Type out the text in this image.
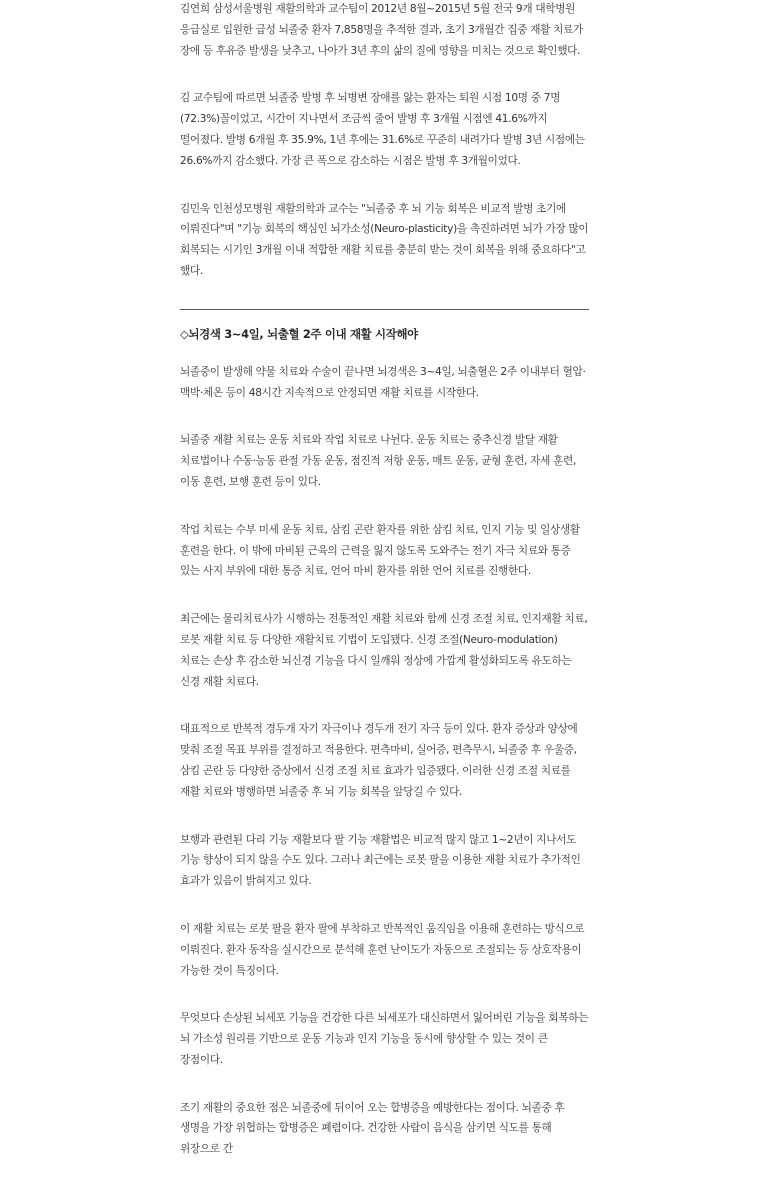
김연희 삼성서울병원 재활의학과 교수팀이 2012년 8월~2015년 5월 전국 9개 대학병원 응급실로 입원한 급성 뇌졸중 환자 7,858명을 추적한 결과, 초기 3개월간 집중 재활 치료가 장애 등 후유증 발생을 낮추고, 나아가 3년 후의 삶의 질에 영향을 미치는 것으로 확인했다.

김 교수팀에 따르면 뇌졸중 발병 후 뇌병변 장애를 앓는 환자는 퇴원 시점 10명 중 7명(72.3%)꼴이었고, 시간이 지나면서 조금씩 줄어 발병 후 3개월 시점엔 41.6%까지 떨어졌다. 발병 6개월 후 35.9%, 1년 후에는 31.6%로 꾸준히 내려가다 발병 3년 시점에는 26.6%까지 감소했다. 가장 큰 폭으로 감소하는 시점은 발병 후 3개월이었다.

김민욱 인천성모병원 재활의학과 교수는 "뇌졸중 후 뇌 기능 회복은 비교적 발병 초기에 이뤄진다"며 "기능 회복의 핵심인 뇌가소성(Neuro-plasticity)을 촉진하려면 뇌가 가장 많이 회복되는 시기인 3개월 이내 적합한 재활 치료를 충분히 받는 것이 회복을 위해 중요하다"고 했다.

◇뇌경색 3~4일, 뇌출혈 2주 이내 재활 시작해야

뇌졸중이 발생해 약물 치료와 수술이 끝나면 뇌경색은 3~4일, 뇌출혈은 2주 이내부터 혈압·맥박·체온 등이 48시간 지속적으로 안정되면 재활 치료를 시작한다.

뇌졸중 재활 치료는 운동 치료와 작업 치료로 나뉜다. 운동 치료는 중추신경 발달 재활 치료법이나 수동·능동 관절 가동 운동, 점진적 저항 운동, 매트 운동, 균형 훈련, 자세 훈련, 이동 훈련, 보행 훈련 등이 있다.

작업 치료는 수부 미세 운동 치료, 삼킴 곤란 환자를 위한 삼킴 치료, 인지 기능 및 일상생활 훈련을 한다. 이 밖에 마비된 근육의 근력을 잃지 않도록 도와주는 전기 자극 치료와 통증 있는 사지 부위에 대한 통증 치료, 언어 마비 환자를 위한 언어 치료를 진행한다.

최근에는 물리치료사가 시행하는 전통적인 재활 치료와 함께 신경 조절 치료, 인지재활 치료, 로봇 재활 치료 등 다양한 재활치료 기법이 도입됐다. 신경 조절(Neuro-modulation) 치료는 손상 후 감소한 뇌신경 기능을 다시 일깨워 정상에 가깝게 활성화되도록 유도하는 신경 재활 치료다.

대표적으로 반복적 경두개 자기 자극이나 경두개 전기 자극 등이 있다. 환자 증상과 양상에 맞춰 조절 목표 부위를 결정하고 적용한다. 편측마비, 실어증, 편측무시, 뇌졸중 후 우울증, 삼킴 곤란 등 다양한 증상에서 신경 조절 치료 효과가 입증됐다. 이러한 신경 조절 치료를 재활 치료와 병행하면 뇌졸중 후 뇌 기능 회복을 앞당길 수 있다.

보행과 관련된 다리 기능 재활보다 팔 기능 재활법은 비교적 많지 않고 1~2년이 지나서도 기능 향상이 되지 않을 수도 있다. 그러나 최근에는 로봇 팔을 이용한 재활 치료가 추가적인 효과가 있음이 밝혀지고 있다.

이 재활 치료는 로봇 팔을 환자 팔에 부착하고 반복적인 움직임을 이용해 훈련하는 방식으로 이뤄진다. 환자 동작을 실시간으로 분석해 훈련 난이도가 자동으로 조절되는 등 상호작용이 가능한 것이 특징이다.

무엇보다 손상된 뇌세포 기능을 건강한 다른 뇌세포가 대신하면서 잃어버린 기능을 회복하는 뇌 가소성 원리를 기반으로 운동 기능과 인지 기능을 동시에 향상할 수 있는 것이 큰 장점이다.

조기 재활의 중요한 점은 뇌졸중에 뒤이어 오는 합병증을 예방한다는 점이다. 뇌졸중 후 생명을 가장 위협하는 합병증은 폐렴이다. 건강한 사람이 음식을 삼키면 식도를 통해 위장으로 간
